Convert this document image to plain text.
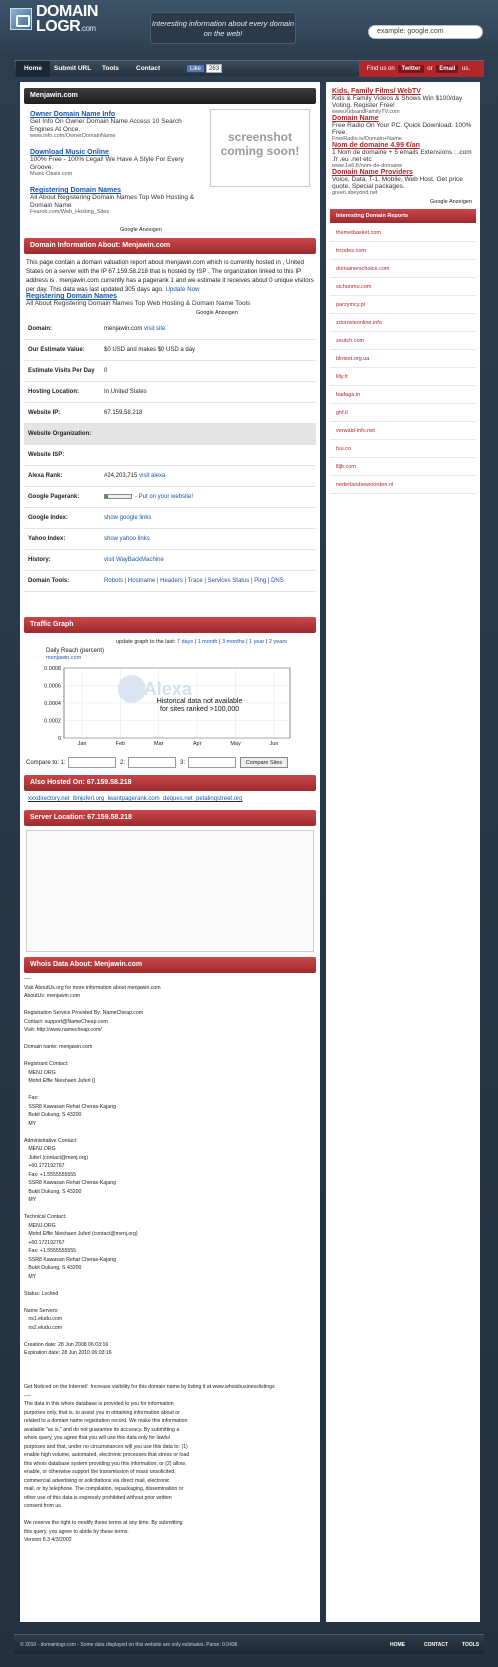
DOMAIN
LOGR.com
Interesting information about every domain on the web!	example: google.com
Home	Submit URL Tools	Contact	Like 263	Find us on Twitter or Email us.
Menjawin.com
Owner Domain Name Info
Get Info On Owner Domain Name Access 10 Search Engines At Once.
www.Info.com/OwnerDomainName
Download Music Online
100% Free - 100% Legal! We Have A Style For Every Groove.
Music-Oasis.com
Registering Domain Names
All About Registering Domain Names Top Web Hosting & Domain Name
Fearob.com/Web_Hosting_Sites
Google Anzeigen
screenshot coming soon!
Domain Information About: Menjawin.com
This page contain a domain valuation report about menjawin.com which is currently hosted in , United States on a server with the IP 67.159.58.218 that is hosted by ISP . The organization linked to this IP address is . menjawin.com currently has a pagerank 1 and we estimate it receives about 0 unique visitors per day. This data was last updated 305 days ago. Update Now
Registering Domain Names
All About Registering Domain Names Top Web Hosting & Domain Name Tools
Google Anzeigen
Domain:	menjawin.com visit site
Our Estimate Value:	$0 USD and makes $0 USD a day
Estimate Visits Per Day 0
Hosting Location:	In United States
Website IP:	67.159.58.218
Website Organization:
Website ISP:
Alexa Rank:	#24,203,715 visit alexa
Google Pagerank:	- Put on your website!
Google Index:	show google links
Yahoo Index:	show yahoo links
History:	visit WayBackMachine
Domain Tools:	Robots | Hostname | Headers | Trace | Services Status | Ping | DNS
Traffic Graph
update graph to the last: 7 days | 1 month | 3 months | 1 year | 2 years
Daily Reach (percent)
menjawin.com
Alexa
0.0008
0.0006
0.0004
0.0002
0
Jan	Feb	Mar	Apr	May	Jun
Historical data not available
for sites ranked >100,000
Compare to: 1:	2:	3:	Compare Sites
Also Hosted On: 67.159.58.218
xxxdirectory.net lbnjuferl.org lwantpagerank.com deques.net petalingstreet.org
Server Location: 67.159.58.218
Whois Data About: Menjawin.com
----
Visit AboutUs.org for more information about menjawin.com
AboutUs: menjawin.com

Registration Service Provided By: NameCheap.com
Contact: support@NameCheap.com
Visit: http://www.namecheap.com/

Domain name: menjawin.com

Registrant Contact:
MENJ.ORG
Mohd Effie Nieshaen Juferl ()

Fax:
SSR8 Kawasan Rehat Cheras-Kajang
Bukit Dukung, S 43200
MY

Administrative Contact:
MENJ.ORG
Juferl (contact@menj.org)
+60.172192767
Fax: +1.5555555555
SSR8 Kawasan Rehat Cheras-Kajang
Bukit Dukung, S 43200
MY

Technical Contact:
MENJ.ORG
Mohd Effie Nieshaen Juferl (contact@menj.org)
+60.172192767
Fax: +1.5555555555
SSR8 Kawasan Rehat Cheras-Kajang
Bukit Dukung, S 43200
MY

Status: Locked

Name Servers:
ns1.eludu.com
ns2.eludu.com

Creation date: 28 Jun 2008 06:03:16
Expiration date: 28 Jun 2010 06:03:16

Get Noticed on the Internet!  Increase visibility for this domain name by listing it at www.whoisbusinesslistings
----
The data in this whois database is provided to you for information
purposes only, that is, to assist you in obtaining information about or
related to a domain name registration record. We make this information
available "as is," and do not guarantee its accuracy. By submitting a
whois query, you agree that you will use this data only for lawful
purposes and that, under no circumstances will you use this data to: (1)
enable high volume, automated, electronic processes that stress or load
this whois database system providing you this information; or (2) allow,
enable, or otherwise support the transmission of mass unsolicited,
commercial advertising or solicitations via direct mail, electronic
mail, or by telephone. The compilation, repackaging, dissemination or
other use of this data is expressly prohibited without prior written
consent from us.

We reserve the right to modify these terms at any time. By submitting
this query, you agree to abide by these terms.
Version 6.3 4/3/2002
Kids, Family Films/ WebTV
Kids & Family Videos & Shows Win $100/day Voting. Register Free!
www.KidsandFamilyTV.com
Domain Name
Free Radio On Your PC. Quick Download. 100% Free.
FreeRadio.tv/Domain+Name
Nom de domaine 4.99 €/an
1 Nom de domaine + 5 emails Extensions : .com .fr .eu .net etc
www.1e6.fr/nom-de-domaine
Domain Name Providers
Voice, Data, T-1, Mobile, Web Host. Get price quote. Special packages.
green.sbeyond.net
Google Anzeigen
Interesting Domain Reports
themetbasket.com
trcodes.com
domainerschoice.com
sichunmu.com
parzymcy.pl
zdorovieonline.info
zeutch.com
blntest.org.ua
lilly.fr
badaga.in
ghf.it
verwald-info.net
fuu.co
llljb.com
nederlandsewoorden.nl
© 2010 - domainlogr.com - Some data displayed on this website are only estimates. Parse: 0.0436	HOME	CONTACT	TOOLS
